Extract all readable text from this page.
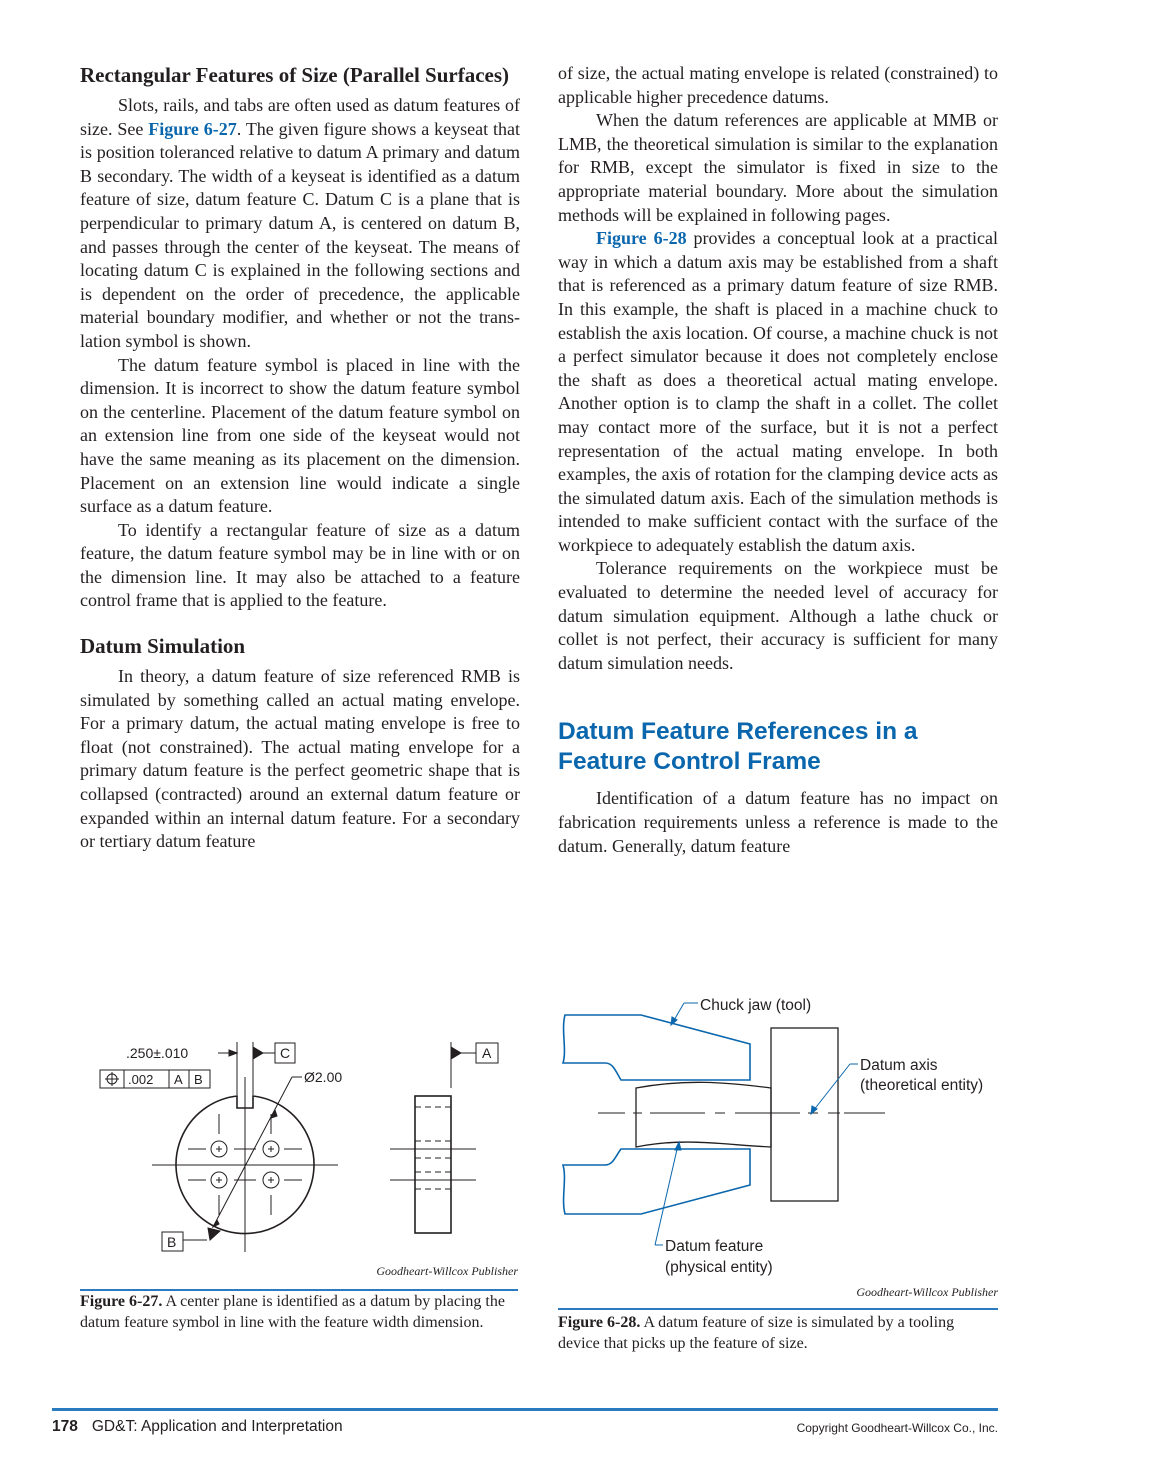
Rectangular Features of Size (Parallel Surfaces)

Slots, rails, and tabs are often used as datum features of size. See Figure 6-27. The given figure shows a keyseat that is position toleranced relative to datum A primary and datum B secondary. The width of a keyseat is identified as a datum feature of size, datum feature C. Datum C is a plane that is perpendicular to primary datum A, is centered on datum B, and passes through the center of the keyseat. The means of locating datum C is explained in the following sections and is dependent on the order of precedence, the applicable material boundary modifier, and whether or not the translation symbol is shown.

The datum feature symbol is placed in line with the dimension. It is incorrect to show the datum feature symbol on the centerline. Placement of the datum feature symbol on an extension line from one side of the keyseat would not have the same meaning as its placement on the dimension. Placement on an extension line would indicate a single surface as a datum feature.

To identify a rectangular feature of size as a datum feature, the datum feature symbol may be in line with or on the dimension line. It may also be attached to a feature control frame that is applied to the feature.

Datum Simulation

In theory, a datum feature of size referenced RMB is simulated by something called an actual mating envelope. For a primary datum, the actual mating envelope is free to float (not constrained). The actual mating envelope for a primary datum feature is the perfect geometric shape that is collapsed (contracted) around an external datum feature or expanded within an internal datum feature. For a secondary or tertiary datum feature

of size, the actual mating envelope is related (constrained) to applicable higher precedence datums.

When the datum references are applicable at MMB or LMB, the theoretical simulation is similar to the explanation for RMB, except the simulator is fixed in size to the appropriate material boundary. More about the simulation methods will be explained in following pages.

Figure 6-28 provides a conceptual look at a practical way in which a datum axis may be established from a shaft that is referenced as a primary datum feature of size RMB. In this example, the shaft is placed in a machine chuck to establish the axis location. Of course, a machine chuck is not a perfect simulator because it does not completely enclose the shaft as does a theoretical actual mating envelope. Another option is to clamp the shaft in a collet. The collet may contact more of the surface, but it is not a perfect representation of the actual mating envelope. In both examples, the axis of rotation for the clamping device acts as the simulated datum axis. Each of the simulation methods is intended to make sufficient contact with the surface of the workpiece to adequately establish the datum axis.

Tolerance requirements on the workpiece must be evaluated to determine the needed level of accuracy for datum simulation equipment. Although a lathe chuck or collet is not perfect, their accuracy is sufficient for many datum simulation needs.

Datum Feature References in a Feature Control Frame

Identification of a datum feature has no impact on fabrication requirements unless a reference is made to the datum. Generally, datum feature

.250±.010
.002 A B
C
Ø2.00
B
A
Goodheart-Willcox Publisher
Figure 6-27. A center plane is identified as a datum by placing the datum feature symbol in line with the feature width dimension.
Chuck jaw (tool)
Datum axis
(theoretical entity)
Datum feature
(physical entity)
Goodheart-Willcox Publisher
Figure 6-28. A datum feature of size is simulated by a tooling device that picks up the feature of size.
178 GD&T: Application and Interpretation	Copyright Goodheart-Willcox Co., Inc.
